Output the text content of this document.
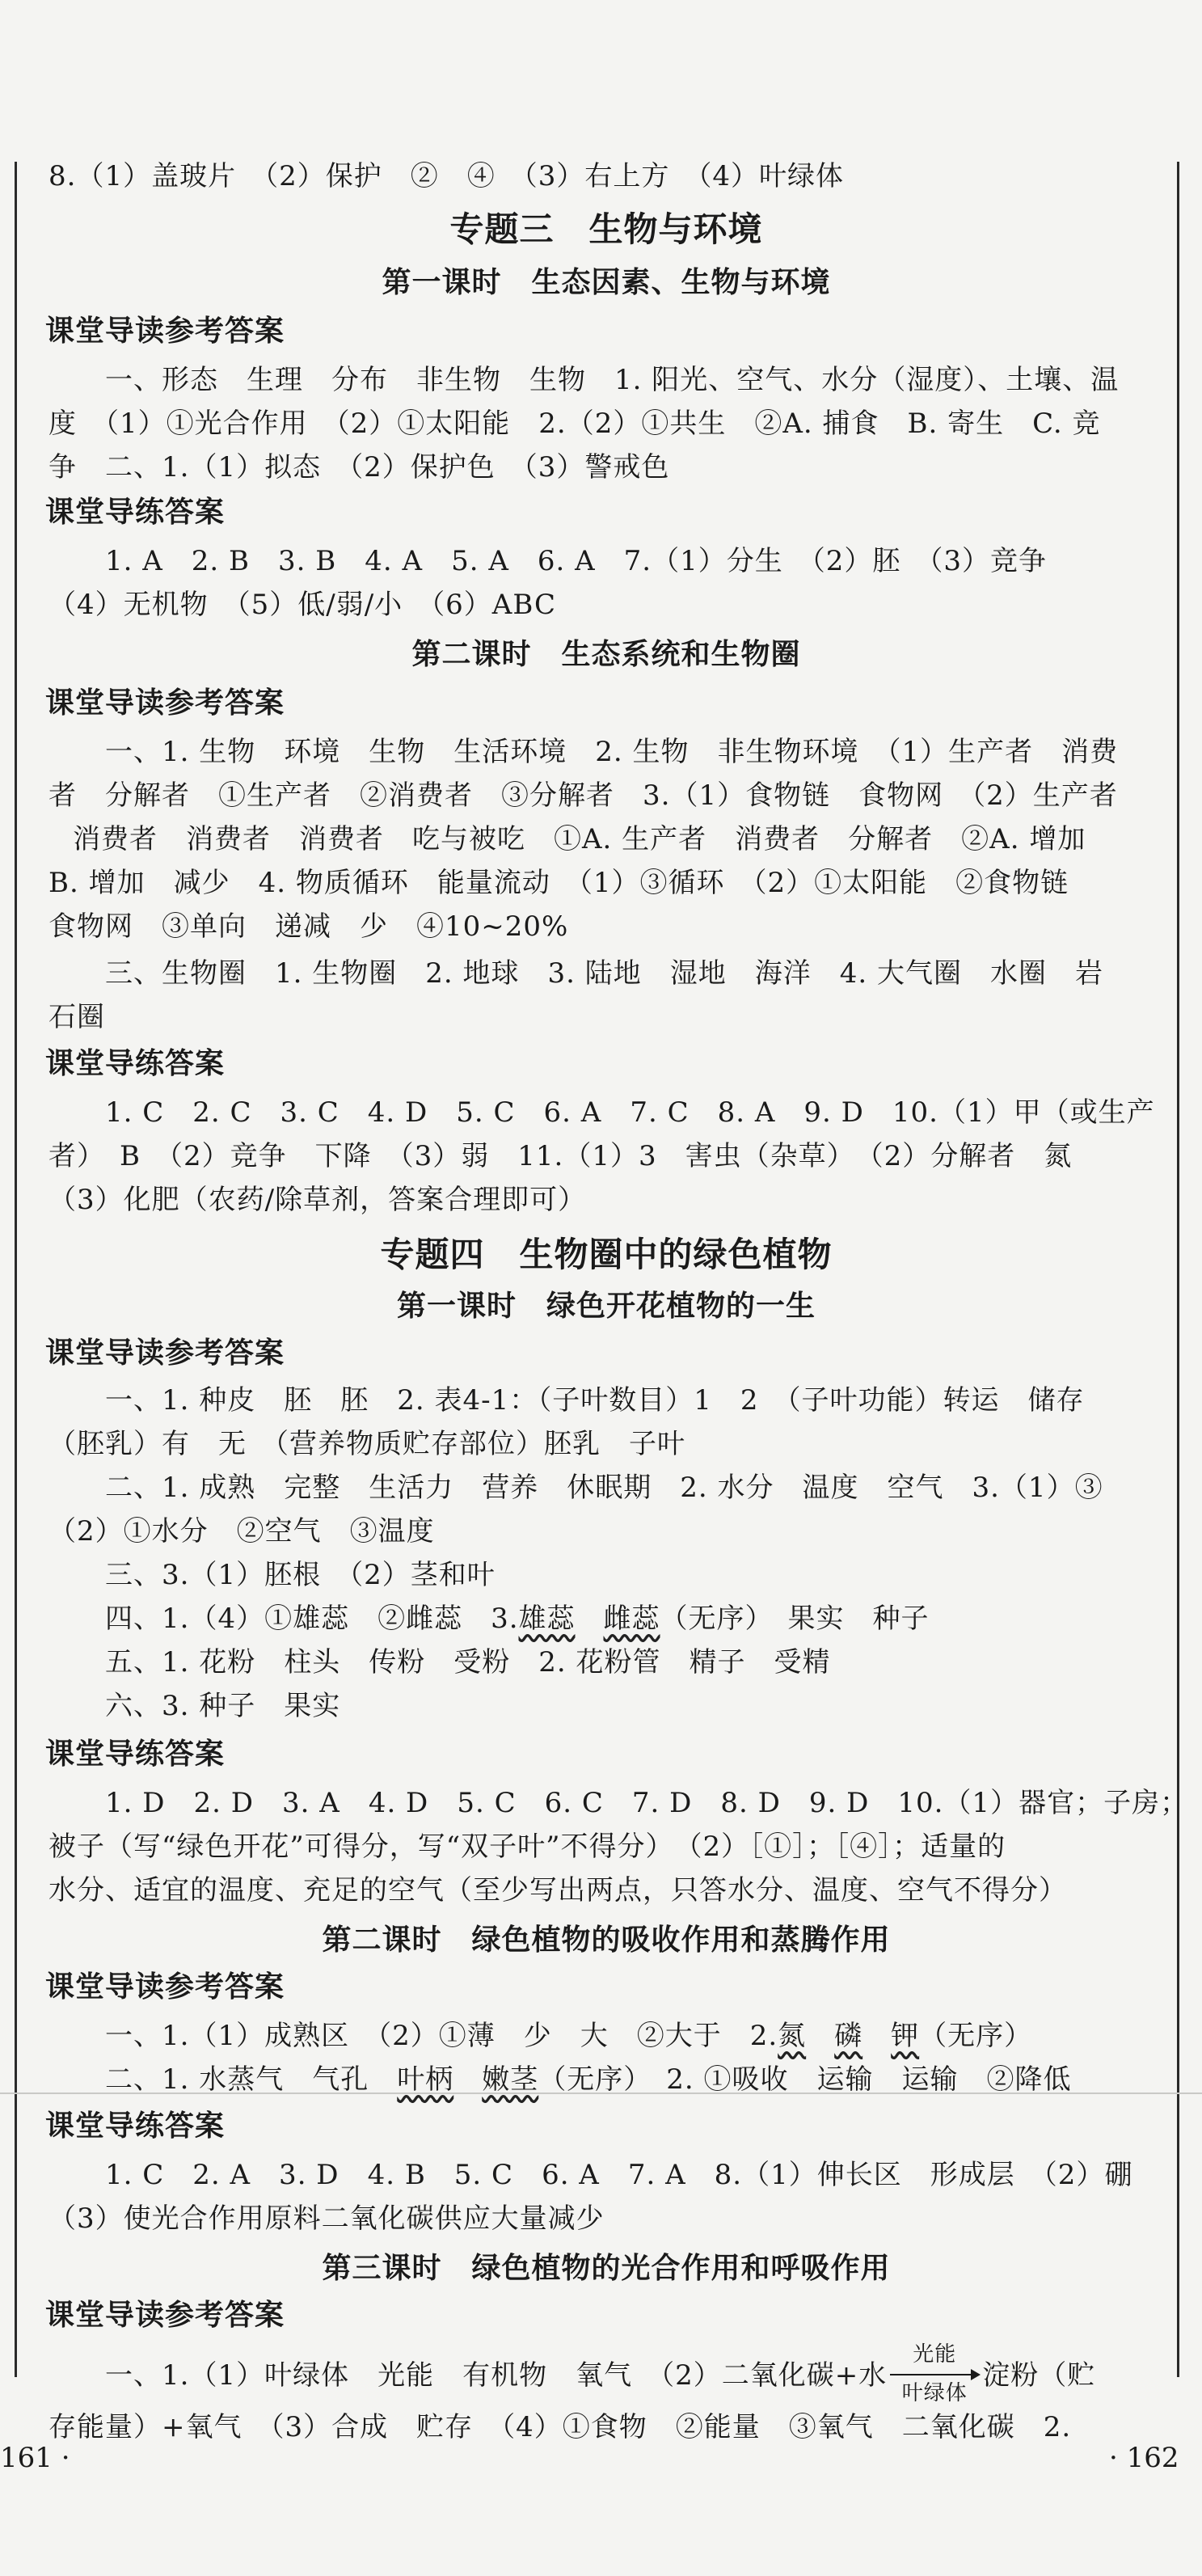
8.（1）盖玻片　（2）保护　②　④　（3）右上方　（4）叶绿体
专题三　生物与环境
第一课时　生态因素、生物与环境
课堂导读参考答案
一、形态　生理　分布　非生物　生物　1. 阳光、空气、水分（湿度）、土壤、温
度　（1）①光合作用　（2）①太阳能　2.（2）①共生　②A. 捕食　B. 寄生　C. 竞
争　二、1.（1）拟态　（2）保护色　（3）警戒色
课堂导练答案
1. A　2. B　3. B　4. A　5. A　6. A　7.（1）分生　（2）胚　（3）竞争
（4）无机物　（5）低/弱/小　（6）ABC
第二课时　生态系统和生物圈
课堂导读参考答案
一、1. 生物　环境　生物　生活环境　2. 生物　非生物环境　（1）生产者　消费
者　分解者　①生产者　②消费者　③分解者　3.（1）食物链　食物网　（2）生产者
消费者　消费者　消费者　吃与被吃　①A. 生产者　消费者　分解者　②A. 增加
B. 增加　减少　4. 物质循环　能量流动　（1）③循环　（2）①太阳能　②食物链
食物网　③单向　递减　少　④10~20%
三、生物圈　1. 生物圈　2. 地球　3. 陆地　湿地　海洋　4. 大气圈　水圈　岩
石圈
课堂导练答案
1. C　2. C　3. C　4. D　5. C　6. A　7. C　8. A　9. D　10.（1）甲（或生产
者）　B　（2）竞争　下降　（3）弱　11.（1）3　害虫（杂草）　（2）分解者　氮
（3）化肥（农药/除草剂，答案合理即可）
专题四　生物圈中的绿色植物
第一课时　绿色开花植物的一生
课堂导读参考答案
一、1. 种皮　胚　胚　2. 表4-1：（子叶数目）1　2　（子叶功能）转运　储存
（胚乳）有　无　（营养物质贮存部位）胚乳　子叶
二、1. 成熟　完整　生活力　营养　休眠期　2. 水分　温度　空气　3.（1）③
（2）①水分　②空气　③温度
三、3.（1）胚根　（2）茎和叶
四、1.（4）①雄蕊　②雌蕊　3.雄蕊　 雌蕊（无序）　果实　种子
五、1. 花粉　柱头　传粉　受粉　2. 花粉管　精子　受精
六、3. 种子　果实
课堂导练答案
1. D　2. D　3. A　4. D　5. C　6. C　7. D　8. D　9. D　10.（1）器官；子房；
被子（写“绿色开花”可得分，写“双子叶”不得分）　（2）［①］；［④］；适量的
水分、适宜的温度、充足的空气（至少写出两点，只答水分、温度、空气不得分）
第二课时　绿色植物的吸收作用和蒸腾作用
课堂导读参考答案
一、1.（1）成熟区　（2）①薄　少　大　②大于　2.氮　 磷　 钾（无序）
二、1. 水蒸气　气孔　 叶柄　 嫩茎（无序）　2. ①吸收　运输　运输　②降低
课堂导练答案
1. C　2. A　3. D　4. B　5. C　6. A　7. A　8.（1）伸长区　形成层　（2）硼
（3）使光合作用原料二氧化碳供应大量减少
第三课时　绿色植物的光合作用和呼吸作用
课堂导读参考答案
一、1.（1）叶绿体　光能　有机物　氧气　（2）二氧化碳+水
光能
叶绿体
淀粉（贮
存能量）+氧气　（3）合成　贮存　（4）①食物　②能量　③氧气　二氧化碳　2.
161 ·	· 162
